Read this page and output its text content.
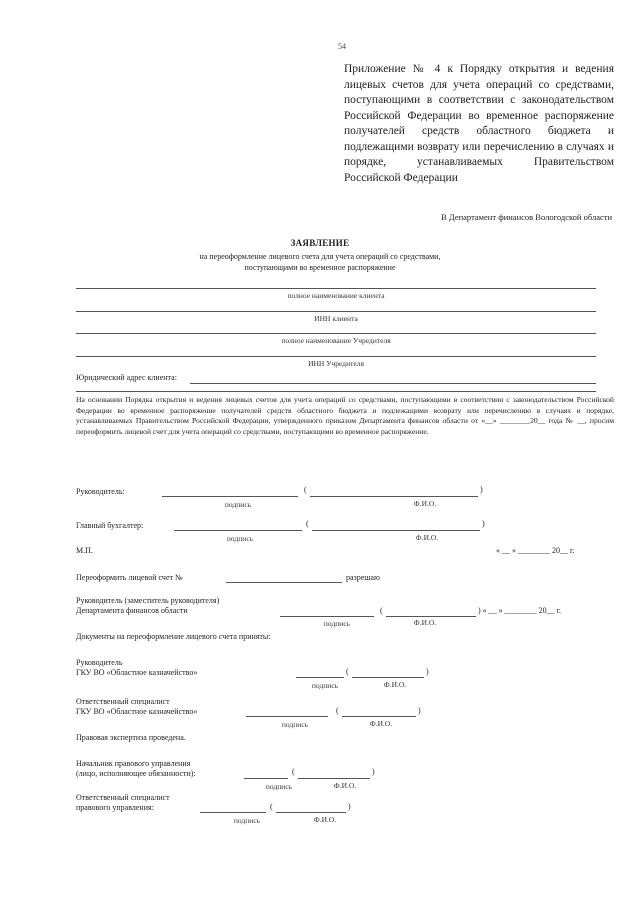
54
Приложение № 4 к Порядку открытия и ведения лицевых счетов для учета операций со средствами, поступающими в соответствии с законодательством Российской Федерации во временное распоряжение получателей средств областного бюджета и подлежащими возврату или перечислению в случаях и порядке, устанавливаемых Правительством Российской Федерации
В Департамент финансов Вологодской области
ЗАЯВЛЕНИЕ
на переоформление лицевого счета для учета операций со средствами,
поступающими во временное распоряжение
полное наименование клиента
ИНН клиента
полное наименование Учредителя
ИНН Учредителя
Юридический адрес клиента:
На основании Порядка открытия и ведения лицевых счетов для учета операций со средствами, поступающими в соответствии с законодательством Российской Федерации во временное распоряжение получателей средств областного бюджета и подлежащими возврату или перечислению в случаях и порядке, устанавливаемых Правительством Российской Федерации, утвержденного приказом Департамента финансов области от «__» ________20__ года № __, просим переоформить лицевой счет для учета операций со средствами, поступающими во временное распоряжение.
Руководитель:	(	)
подпись	Ф.И.О.
Главный бухгалтер:	(	)
подпись	Ф.И.О.
М.П.	« __ » ________ 20__ г.
Переоформить лицевой счет №	разрешаю
Руководитель (заместитель руководителя)
Департамента финансов области	(	) « __ » ________ 20__ г.
подпись	Ф.И.О.
Документы на переоформление лицевого счета приняты:
Руководитель
ГКУ ВО «Областное казначейство»	(	)
подпись	Ф.И.О.
Ответственный специалист
ГКУ ВО «Областное казначейство»	(	)
подпись	Ф.И.О.
Правовая экспертиза проведена.
Начальник правового управления
(лицо, исполняющее обязанности):	(	)
подпись	Ф.И.О.
Ответственный специалист
правового управления:	(	)
подпись	Ф.И.О.
